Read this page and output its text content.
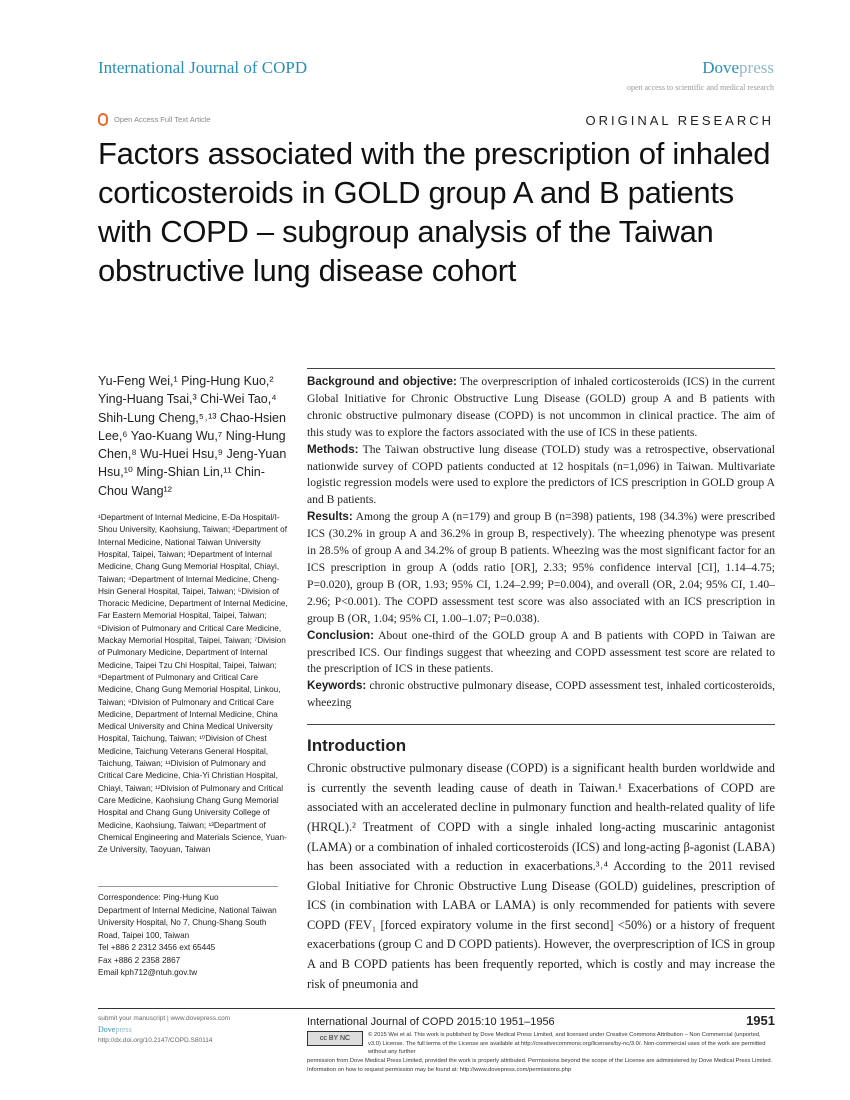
International Journal of COPD	Dovepress
open access to scientific and medical research
Open Access Full Text Article	ORIGINAL RESEARCH
Factors associated with the prescription of inhaled corticosteroids in GOLD group A and B patients with COPD – subgroup analysis of the Taiwan obstructive lung disease cohort
Yu-Feng Wei,¹ Ping-Hung Kuo,² Ying-Huang Tsai,³ Chi-Wei Tao,⁴ Shih-Lung Cheng,⁵˒¹³ Chao-Hsien Lee,⁶ Yao-Kuang Wu,⁷ Ning-Hung Chen,⁸ Wu-Huei Hsu,⁹ Jeng-Yuan Hsu,¹⁰ Ming-Shian Lin,¹¹ Chin-Chou Wang¹²
¹Department of Internal Medicine, E-Da Hospital/I-Shou University, Kaohsiung, Taiwan; ²Department of Internal Medicine, National Taiwan University Hospital, Taipei, Taiwan; ³Department of Internal Medicine, Chang Gung Memorial Hospital, Chiayi, Taiwan; ⁴Department of Internal Medicine, Cheng-Hsin General Hospital, Taipei, Taiwan; ⁵Division of Thoracic Medicine, Department of Internal Medicine, Far Eastern Memorial Hospital, Taipei, Taiwan; ⁶Division of Pulmonary and Critical Care Medicine, Mackay Memorial Hospital, Taipei, Taiwan; ⁷Division of Pulmonary Medicine, Department of Internal Medicine, Taipei Tzu Chi Hospital, Taipei, Taiwan; ⁸Department of Pulmonary and Critical Care Medicine, Chang Gung Memorial Hospital, Linkou, Taiwan; ⁹Division of Pulmonary and Critical Care Medicine, Department of Internal Medicine, China Medical University and China Medical University Hospital, Taichung, Taiwan; ¹⁰Division of Chest Medicine, Taichung Veterans General Hospital, Taichung, Taiwan; ¹¹Division of Pulmonary and Critical Care Medicine, Chia-Yi Christian Hospital, Chiayi, Taiwan; ¹²Division of Pulmonary and Critical Care Medicine, Kaohsiung Chang Gung Memorial Hospital and Chang Gung University College of Medicine, Kaohsiung, Taiwan; ¹³Department of Chemical Engineering and Materials Science, Yuan-Ze University, Taoyuan, Taiwan
Correspondence: Ping-Hung Kuo
Department of Internal Medicine, National Taiwan University Hospital, No 7, Chung-Shang South Road, Taipei 100, Taiwan
Tel +886 2 2312 3456 ext 65445
Fax +886 2 2358 2867
Email kph712@ntuh.gov.tw

Background and objective: The overprescription of inhaled corticosteroids (ICS) in the current Global Initiative for Chronic Obstructive Lung Disease (GOLD) group A and B patients with chronic obstructive pulmonary disease (COPD) is not uncommon in clinical practice. The aim of this study was to explore the factors associated with the use of ICS in these patients.

Methods: The Taiwan obstructive lung disease (TOLD) study was a retrospective, observational nationwide survey of COPD patients conducted at 12 hospitals (n=1,096) in Taiwan. Multivariate logistic regression models were used to explore the predictors of ICS prescription in GOLD group A and B patients.

Results: Among the group A (n=179) and group B (n=398) patients, 198 (34.3%) were prescribed ICS (30.2% in group A and 36.2% in group B, respectively). The wheezing phenotype was present in 28.5% of group A and 34.2% of group B patients. Wheezing was the most significant factor for an ICS prescription in group A (odds ratio [OR], 2.33; 95% confidence interval [CI], 1.14–4.75; P=0.020), group B (OR, 1.93; 95% CI, 1.24–2.99; P=0.004), and overall (OR, 2.04; 95% CI, 1.40–2.96; P<0.001). The COPD assessment test score was also associated with an ICS prescription in group B (OR, 1.04; 95% CI, 1.00–1.07; P=0.038).

Conclusion: About one-third of the GOLD group A and B patients with COPD in Taiwan are prescribed ICS. Our findings suggest that wheezing and COPD assessment test score are related to the prescription of ICS in these patients.

Keywords: chronic obstructive pulmonary disease, COPD assessment test, inhaled corticosteroids, wheezing

Introduction
Chronic obstructive pulmonary disease (COPD) is a significant health burden worldwide and is currently the seventh leading cause of death in Taiwan.¹ Exacerbations of COPD are associated with an accelerated decline in pulmonary function and health-related quality of life (HRQL).² Treatment of COPD with a single inhaled long-acting muscarinic antagonist (LAMA) or a combination of inhaled corticosteroids (ICS) and long-acting β-agonist (LABA) has been associated with a reduction in exacerbations.³˒⁴ According to the 2011 revised Global Initiative for Chronic Obstructive Lung Disease (GOLD) guidelines, prescription of ICS (in combination with LABA or LAMA) is only recommended for patients with severe COPD (FEV₁ [forced expiratory volume in the first second] <50%) or a history of frequent exacerbations (group C and D COPD patients). However, the overprescription of ICS in group A and B COPD patients has been frequently reported, which is costly and may increase the risk of pneumonia and
submit your manuscript | www.dovepress.com
Dovepress
http://dx.doi.org/10.2147/COPD.S80114
International Journal of COPD 2015:10 1951–1956	1951
cc BY NC	© 2015 Wei et al. This work is published by Dove Medical Press Limited, and licensed under Creative Commons Attribution – Non Commercial (unported, v3.0) License. The full terms of the License are available at http://creativecommons.org/licenses/by-nc/3.0/. Non-commercial uses of the work are permitted without any further
permission from Dove Medical Press Limited, provided the work is properly attributed. Permissions beyond the scope of the License are administered by Dove Medical Press Limited. Information on how to request permission may be found at: http://www.dovepress.com/permissions.php
